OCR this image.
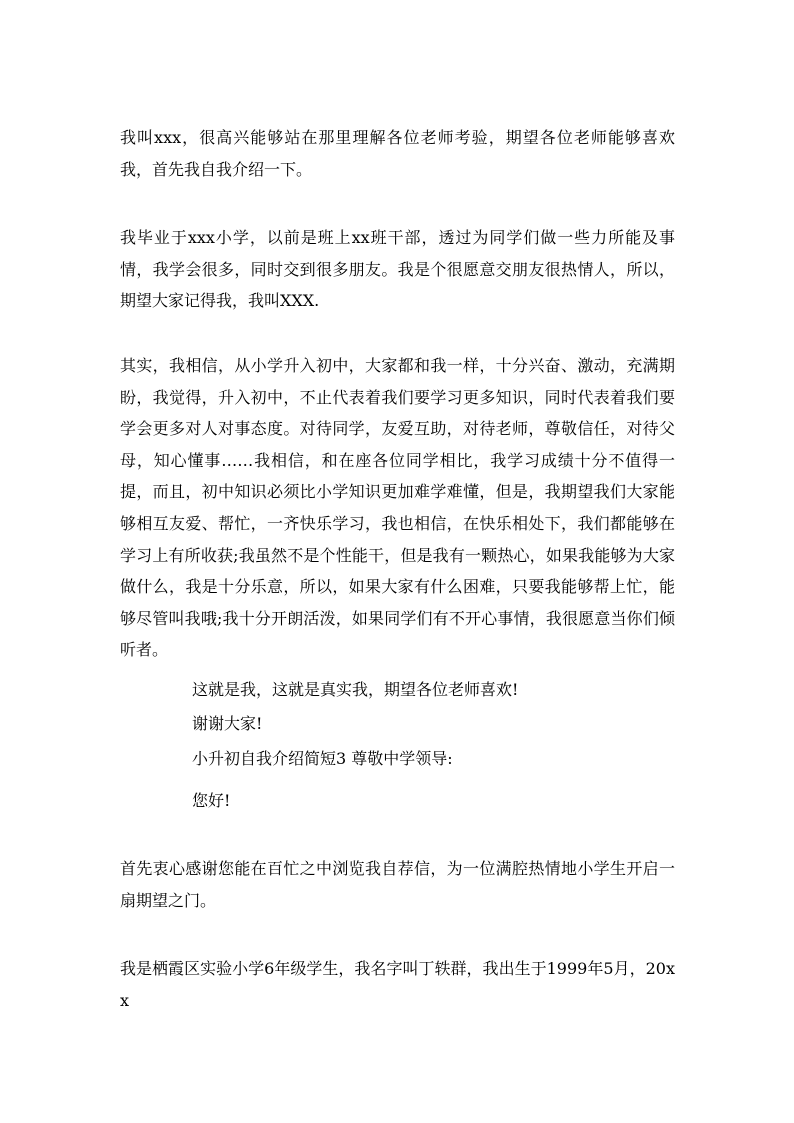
我叫xxx，很高兴能够站在那里理解各位老师考验，期望各位老师能够喜欢我，首先我自我介绍一下。

我毕业于xxx小学，以前是班上xx班干部，透过为同学们做一些力所能及事情，我学会很多，同时交到很多朋友。我是个很愿意交朋友很热情人，所以，期望大家记得我，我叫XXX.

其实，我相信，从小学升入初中，大家都和我一样，十分兴奋、激动，充满期盼，我觉得，升入初中，不止代表着我们要学习更多知识，同时代表着我们要学会更多对人对事态度。对待同学，友爱互助，对待老师，尊敬信任，对待父母，知心懂事……我相信，和在座各位同学相比，我学习成绩十分不值得一提，而且，初中知识必须比小学知识更加难学难懂，但是，我期望我们大家能够相互友爱、帮忙，一齐快乐学习，我也相信，在快乐相处下，我们都能够在学习上有所收获;我虽然不是个性能干，但是我有一颗热心，如果我能够为大家做什么，我是十分乐意，所以，如果大家有什么困难，只要我能够帮上忙，能够尽管叫我哦;我十分开朗活泼，如果同学们有不开心事情，我很愿意当你们倾听者。

这就是我，这就是真实我，期望各位老师喜欢!

谢谢大家!

小升初自我介绍简短3 尊敬中学领导:

您好!

首先衷心感谢您能在百忙之中浏览我自荐信，为一位满腔热情地小学生开启一扇期望之门。

我是栖霞区实验小学6年级学生，我名字叫丁轶群，我出生于1999年5月，20xx
